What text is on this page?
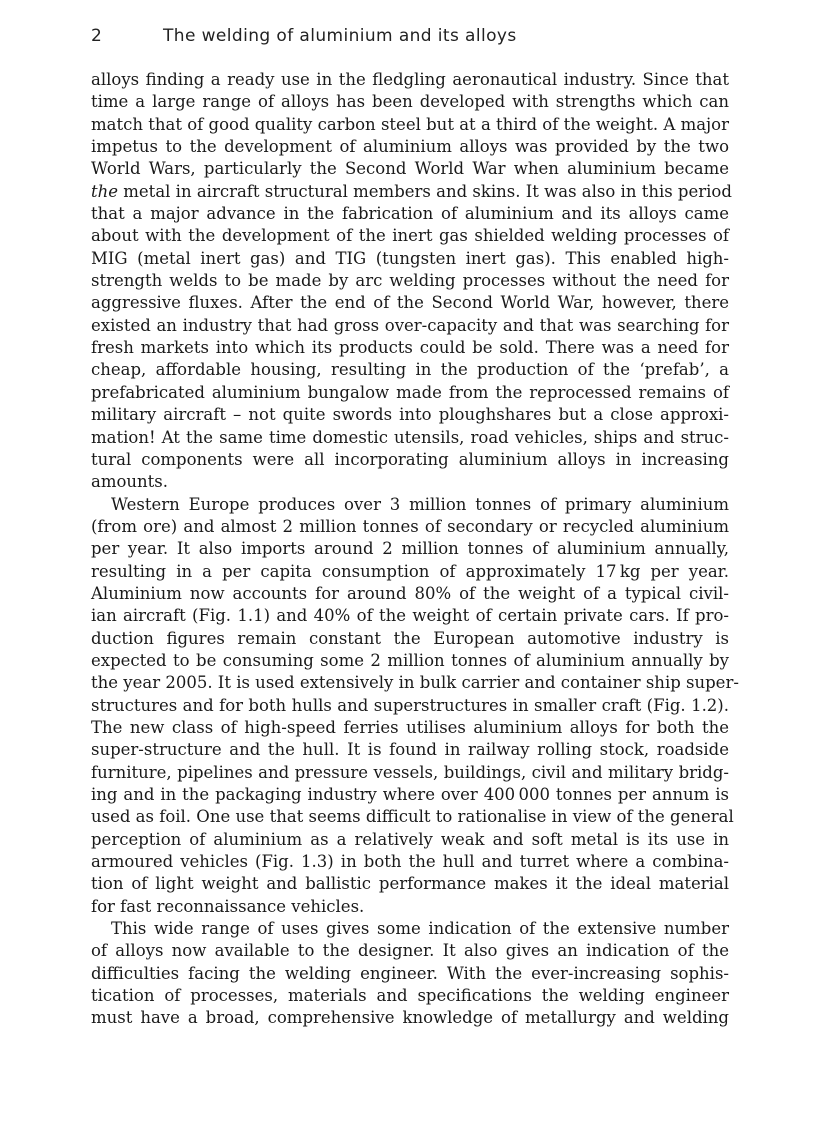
2	The welding of aluminium and its alloys
alloys finding a ready use in the fledgling aeronautical industry. Since that
time a large range of alloys has been developed with strengths which can
match that of good quality carbon steel but at a third of the weight. A major
impetus to the development of aluminium alloys was provided by the two
World Wars, particularly the Second World War when aluminium became
the metal in aircraft structural members and skins. It was also in this period
that a major advance in the fabrication of aluminium and its alloys came
about with the development of the inert gas shielded welding processes of
MIG (metal inert gas) and TIG (tungsten inert gas). This enabled high-
strength welds to be made by arc welding processes without the need for
aggressive fluxes. After the end of the Second World War, however, there
existed an industry that had gross over-capacity and that was searching for
fresh markets into which its products could be sold. There was a need for
cheap, affordable housing, resulting in the production of the ‘prefab’, a
prefabricated aluminium bungalow made from the reprocessed remains of
military aircraft – not quite swords into ploughshares but a close approxi-
mation! At the same time domestic utensils, road vehicles, ships and struc-
tural components were all incorporating aluminium alloys in increasing
amounts.
Western Europe produces over 3 million tonnes of primary aluminium
(from ore) and almost 2 million tonnes of secondary or recycled aluminium
per year. It also imports around 2 million tonnes of aluminium annually,
resulting in a per capita consumption of approximately 17 kg per year.
Aluminium now accounts for around 80% of the weight of a typical civil-
ian aircraft (Fig. 1.1) and 40% of the weight of certain private cars. If pro-
duction figures remain constant the European automotive industry is
expected to be consuming some 2 million tonnes of aluminium annually by
the year 2005. It is used extensively in bulk carrier and container ship super-
structures and for both hulls and superstructures in smaller craft (Fig. 1.2).
The new class of high-speed ferries utilises aluminium alloys for both the
super-structure and the hull. It is found in railway rolling stock, roadside
furniture, pipelines and pressure vessels, buildings, civil and military bridg-
ing and in the packaging industry where over 400 000 tonnes per annum is
used as foil. One use that seems difficult to rationalise in view of the general
perception of aluminium as a relatively weak and soft metal is its use in
armoured vehicles (Fig. 1.3) in both the hull and turret where a combina-
tion of light weight and ballistic performance makes it the ideal material
for fast reconnaissance vehicles.
This wide range of uses gives some indication of the extensive number
of alloys now available to the designer. It also gives an indication of the
difficulties facing the welding engineer. With the ever-increasing sophis-
tication of processes, materials and specifications the welding engineer
must have a broad, comprehensive knowledge of metallurgy and welding
